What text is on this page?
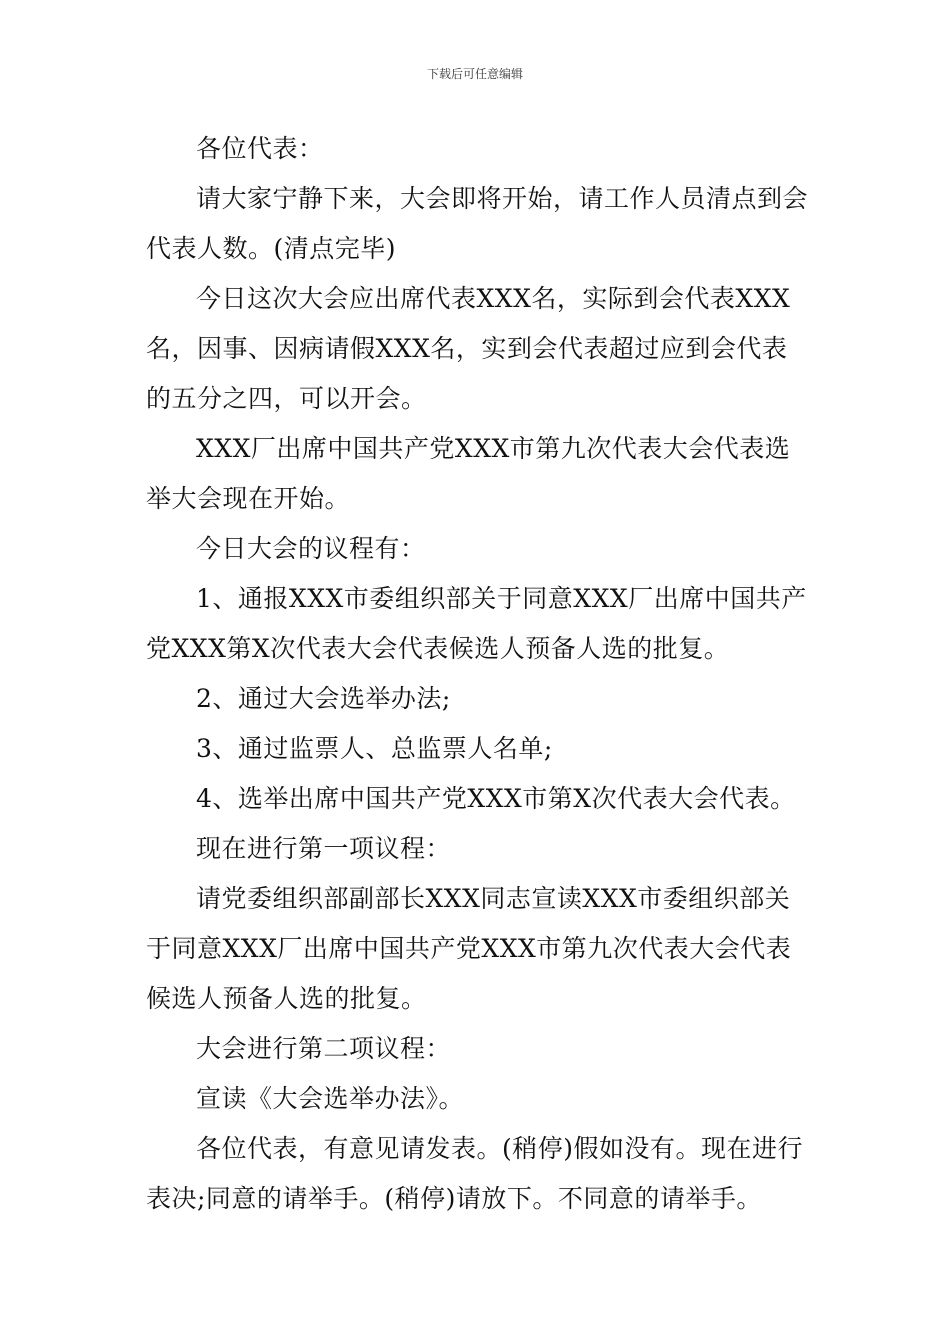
下载后可任意编辑

各位代表：

请大家宁静下来，大会即将开始，请工作人员清点到会代表人数。(清点完毕)

今日这次大会应出席代表XXX名，实际到会代表XXX名，因事、因病请假XXX名，实到会代表超过应到会代表的五分之四，可以开会。

XXX厂出席中国共产党XXX市第九次代表大会代表选举大会现在开始。

今日大会的议程有：

1、通报XXX市委组织部关于同意XXX厂出席中国共产党XXX第X次代表大会代表候选人预备人选的批复。

2、通过大会选举办法;

3、通过监票人、总监票人名单;

4、选举出席中国共产党XXX市第X次代表大会代表。

现在进行第一项议程：

请党委组织部副部长XXX同志宣读XXX市委组织部关于同意XXX厂出席中国共产党XXX市第九次代表大会代表候选人预备人选的批复。

大会进行第二项议程：

宣读《大会选举办法》。

各位代表，有意见请发表。(稍停)假如没有。现在进行表决;同意的请举手。(稍停)请放下。不同意的请举手。
